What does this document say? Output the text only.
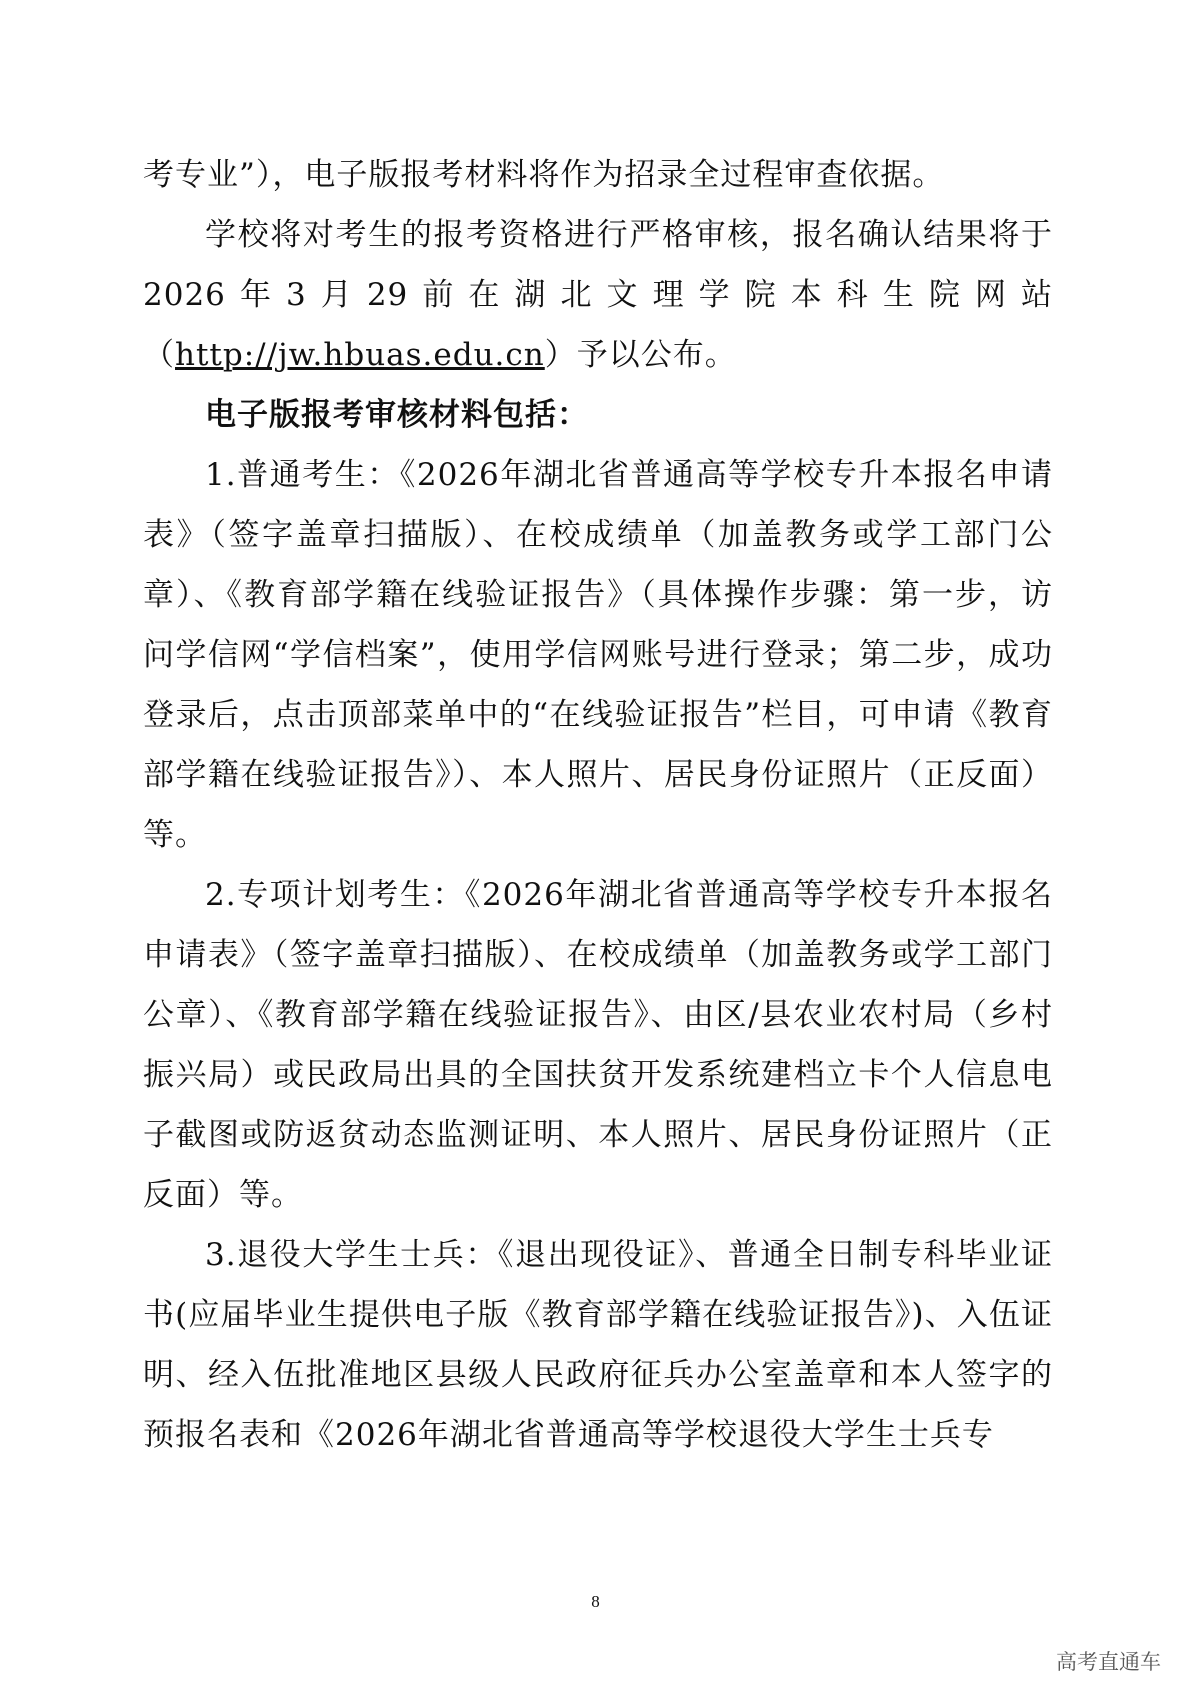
考专业”），电子版报考材料将作为招录全过程审查依据。

学校将对考生的报考资格进行严格审核，报名确认结果将于2026年3月29前在湖北文理学院本科生院网站（http://jw.hbuas.edu.cn）予以公布。

电子版报考审核材料包括：

1.普通考生：《2026年湖北省普通高等学校专升本报名申请表》（签字盖章扫描版）、在校成绩单（加盖教务或学工部门公章）、《教育部学籍在线验证报告》（具体操作步骤：第一步，访问学信网“学信档案”，使用学信网账号进行登录；第二步，成功登录后，点击顶部菜单中的“在线验证报告”栏目，可申请《教育部学籍在线验证报告》）、本人照片、居民身份证照片（正反面）等。

2.专项计划考生：《2026年湖北省普通高等学校专升本报名申请表》（签字盖章扫描版）、在校成绩单（加盖教务或学工部门公章）、《教育部学籍在线验证报告》、由区/县农业农村局（乡村振兴局）或民政局出具的全国扶贫开发系统建档立卡个人信息电子截图或防返贫动态监测证明、本人照片、居民身份证照片（正反面）等。

3.退役大学生士兵：《退出现役证》、普通全日制专科毕业证书(应届毕业生提供电子版《教育部学籍在线验证报告》)、入伍证明、经入伍批准地区县级人民政府征兵办公室盖章和本人签字的预报名表和《2026年湖北省普通高等学校退役大学生士兵专

8
高考直通车
